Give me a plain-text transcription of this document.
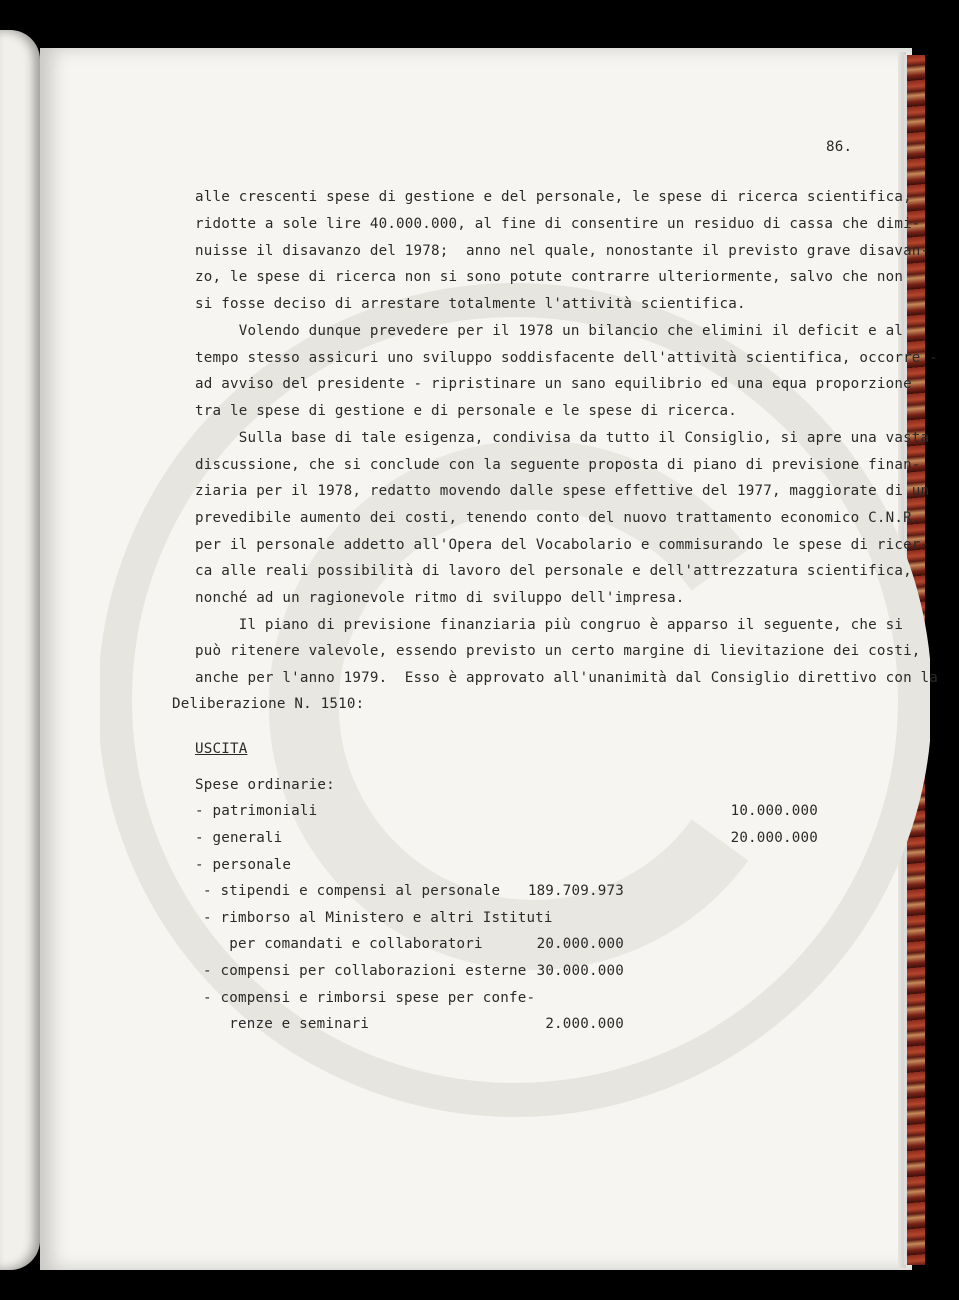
86.
alle crescenti spese di gestione e del personale, le spese di ricerca scientifica,
ridotte a sole lire 40.000.000, al fine di consentire un residuo di cassa che dimi-
nuisse il disavanzo del 1978;  anno nel quale, nonostante il previsto grave disavan-
zo, le spese di ricerca non si sono potute contrarre ulteriormente, salvo che non
si fosse deciso di arrestare totalmente l'attività scientifica.
Volendo dunque prevedere per il 1978 un bilancio che elimini il deficit e al
tempo stesso assicuri uno sviluppo soddisfacente dell'attività scientifica, occorre -
ad avviso del presidente - ripristinare un sano equilibrio ed una equa proporzione
tra le spese di gestione e di personale e le spese di ricerca.
Sulla base di tale esigenza, condivisa da tutto il Consiglio, si apre una vasta
discussione, che si conclude con la seguente proposta di piano di previsione finan-
ziaria per il 1978, redatto movendo dalle spese effettive del 1977, maggiorate di un
prevedibile aumento dei costi, tenendo conto del nuovo trattamento economico C.N.R.
per il personale addetto all'Opera del Vocabolario e commisurando le spese di ricer-
ca alle reali possibilità di lavoro del personale e dell'attrezzatura scientifica,
nonché ad un ragionevole ritmo di sviluppo dell'impresa.
Il piano di previsione finanziaria più congruo è apparso il seguente, che si
può ritenere valevole, essendo previsto un certo margine di lievitazione dei costi,
anche per l'anno 1979.  Esso è approvato all'unanimità dal Consiglio direttivo con la
Deliberazione N. 1510:
USCITA
Spese ordinarie:
- patrimoniali	10.000.000
- generali	20.000.000
- personale
- stipendi e compensi al personale 189.709.973
- rimborso al Ministero e altri Istituti
per comandati e collaboratori	20.000.000
- compensi per collaborazioni esterne 30.000.000
- compensi e rimborsi spese per confe-
renze e seminari	2.000.000
